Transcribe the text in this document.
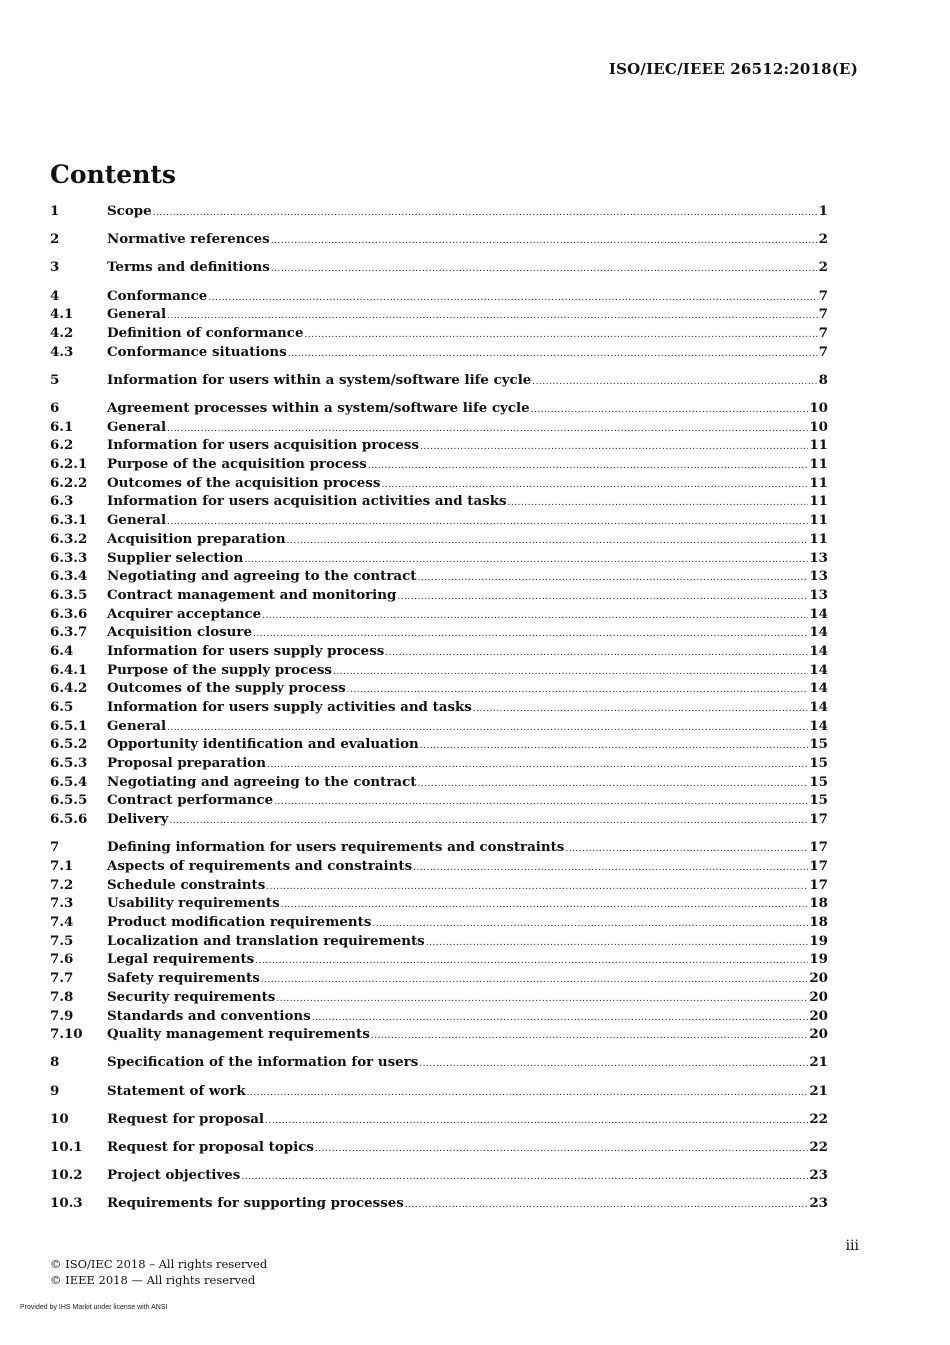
ISO/IEC/IEEE 26512:2018(E)
Contents
1	Scope .....	1
2	Normative references .....	2
3	Terms and definitions .....	2
4	Conformance .....	7
4.1	General .....	7
4.2	Definition of conformance .....	7
4.3	Conformance situations .....	7
5	Information for users within a system/software life cycle .....	8
6	Agreement processes within a system/software life cycle .....	10
6.1	General .....	10
6.2	Information for users acquisition process .....	11
6.2.1	Purpose of the acquisition process .....	11
6.2.2	Outcomes of the acquisition process .....	11
6.3	Information for users acquisition activities and tasks .....	11
6.3.1	General .....	11
6.3.2	Acquisition preparation .....	11
6.3.3	Supplier selection .....	13
6.3.4	Negotiating and agreeing to the contract .....	13
6.3.5	Contract management and monitoring .....	13
6.3.6	Acquirer acceptance .....	14
6.3.7	Acquisition closure .....	14
6.4	Information for users supply process .....	14
6.4.1	Purpose of the supply process .....	14
6.4.2	Outcomes of the supply process .....	14
6.5	Information for users supply activities and tasks .....	14
6.5.1	General .....	14
6.5.2	Opportunity identification and evaluation .....	15
6.5.3	Proposal preparation .....	15
6.5.4	Negotiating and agreeing to the contract .....	15
6.5.5	Contract performance .....	15
6.5.6	Delivery .....	17
7	Defining information for users requirements and constraints .....	17
7.1	Aspects of requirements and constraints .....	17
7.2	Schedule constraints .....	17
7.3	Usability requirements .....	18
7.4	Product modification requirements .....	18
7.5	Localization and translation requirements .....	19
7.6	Legal requirements .....	19
7.7	Safety requirements .....	20
7.8	Security requirements .....	20
7.9	Standards and conventions .....	20
7.10	Quality management requirements .....	20
8	Specification of the information for users .....	21
9	Statement of work .....	21
10	Request for proposal .....	22
10.1	Request for proposal topics .....	22
10.2	Project objectives .....	23
10.3	Requirements for supporting processes .....	23
iii
© ISO/IEC 2018 – All rights reserved
© IEEE 2018 — All rights reserved
Provided by IHS Markit under license with ANSI
